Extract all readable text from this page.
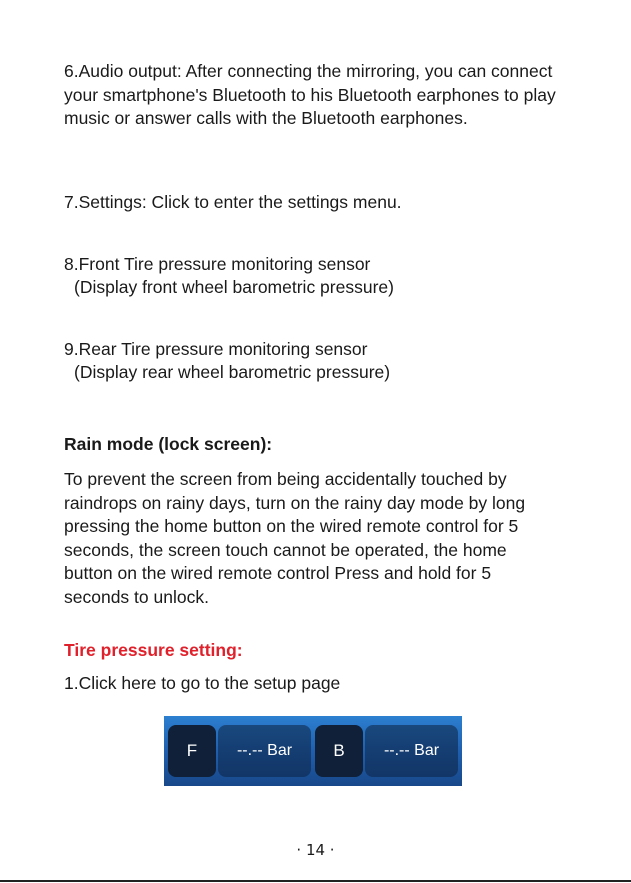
6.Audio output: After connecting the mirroring, you can connect your smartphone's Bluetooth to his Bluetooth earphones to play music or answer calls with the Bluetooth earphones.

7.Settings: Click to enter the settings menu.

8.Front Tire pressure monitoring sensor

(Display front wheel barometric pressure)

9.Rear Tire pressure monitoring sensor

(Display rear wheel barometric pressure)

Rain mode (lock screen):

To prevent the screen from being accidentally touched by raindrops on rainy days, turn on the rainy day mode by long pressing the home button on the wired remote control for 5 seconds, the screen touch cannot be operated, the home button on the wired remote control Press and hold for 5 seconds to unlock.

Tire pressure setting:

1.Click here to go to the setup page

F	--.-- Bar	B	--.-- Bar
· 14 ·
